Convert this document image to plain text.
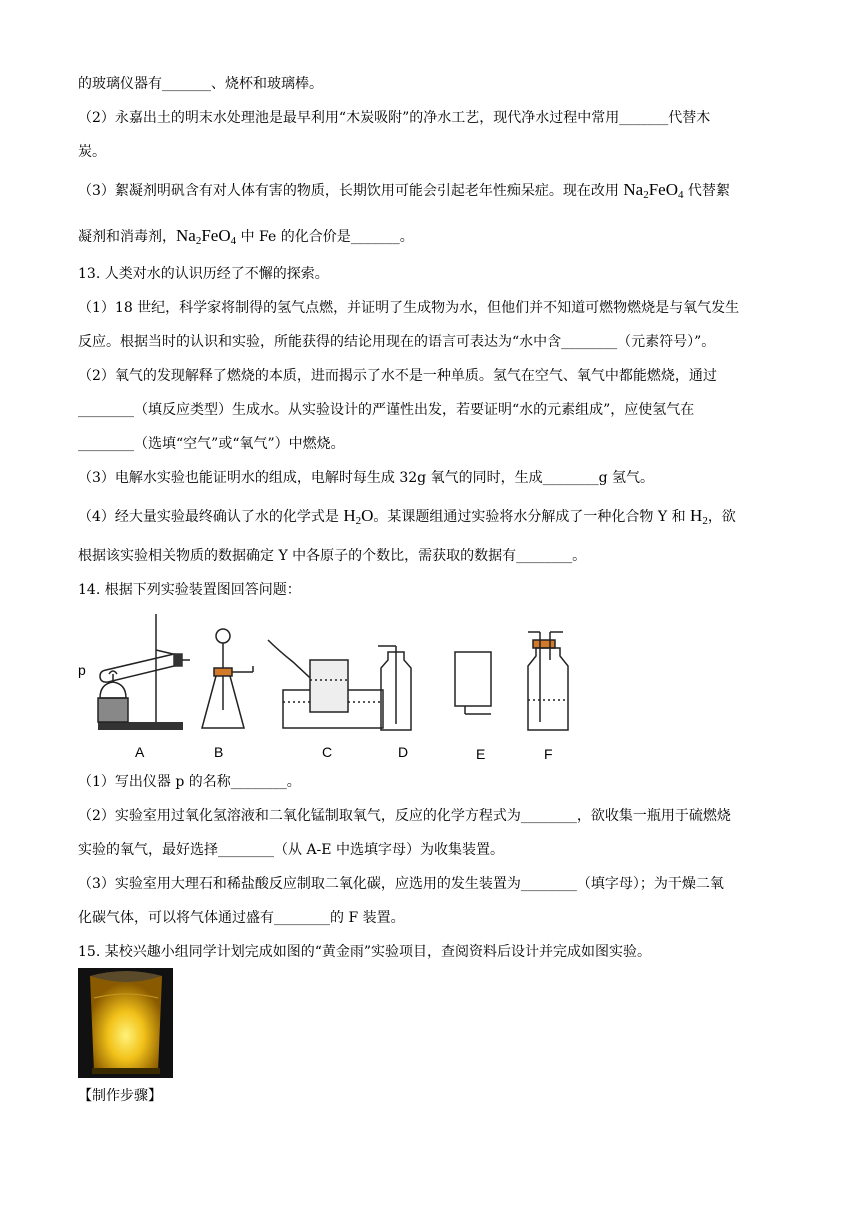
的玻璃仪器有_______、烧杯和玻璃棒。
（2）永嘉出土的明末水处理池是最早利用“木炭吸附”的净水工艺，现代净水过程中常用_______代替木
炭。
（3）絮凝剂明矾含有对人体有害的物质，长期饮用可能会引起老年性痴呆症。现在改用 $Na_2FeO_4$ 代替絮
凝剂和消毒剂，$Na_2FeO_4$ 中 Fe 的化合价是_______。
13. 人类对水的认识历经了不懈的探索。
（1）18 世纪，科学家将制得的氢气点燃，并证明了生成物为水，但他们并不知道可燃物燃烧是与氧气发生
反应。根据当时的认识和实验，所能获得的结论用现在的语言可表达为“水中含________（元素符号）”。
（2）氧气的发现解释了燃烧的本质，进而揭示了水不是一种单质。氢气在空气、氧气中都能燃烧，通过
________（填反应类型）生成水。从实验设计的严谨性出发，若要证明“水的元素组成”，应使氢气在
________（选填“空气”或“氧气”）中燃烧。
（3）电解水实验也能证明水的组成，电解时每生成 32g 氧气的同时，生成________g 氢气。
（4）经大量实验最终确认了水的化学式是 $H_2O$。某课题组通过实验将水分解成了一种化合物 Y 和 $H_2$，欲
根据该实验相关物质的数据确定 Y 中各原子的个数比，需获取的数据有________。
14. 根据下列实验装置图回答问题：
p
A	B	C	D	E	F
（1）写出仪器 p 的名称________。
（2）实验室用过氧化氢溶液和二氧化锰制取氧气，反应的化学方程式为________，欲收集一瓶用于硫燃烧
实验的氧气，最好选择________（从 A-E 中选填字母）为收集装置。
（3）实验室用大理石和稀盐酸反应制取二氧化碳，应选用的发生装置为________（填字母）；为干燥二氧
化碳气体，可以将气体通过盛有________的 F 装置。
15. 某校兴趣小组同学计划完成如图的“黄金雨”实验项目，查阅资料后设计并完成如图实验。
【制作步骤】
